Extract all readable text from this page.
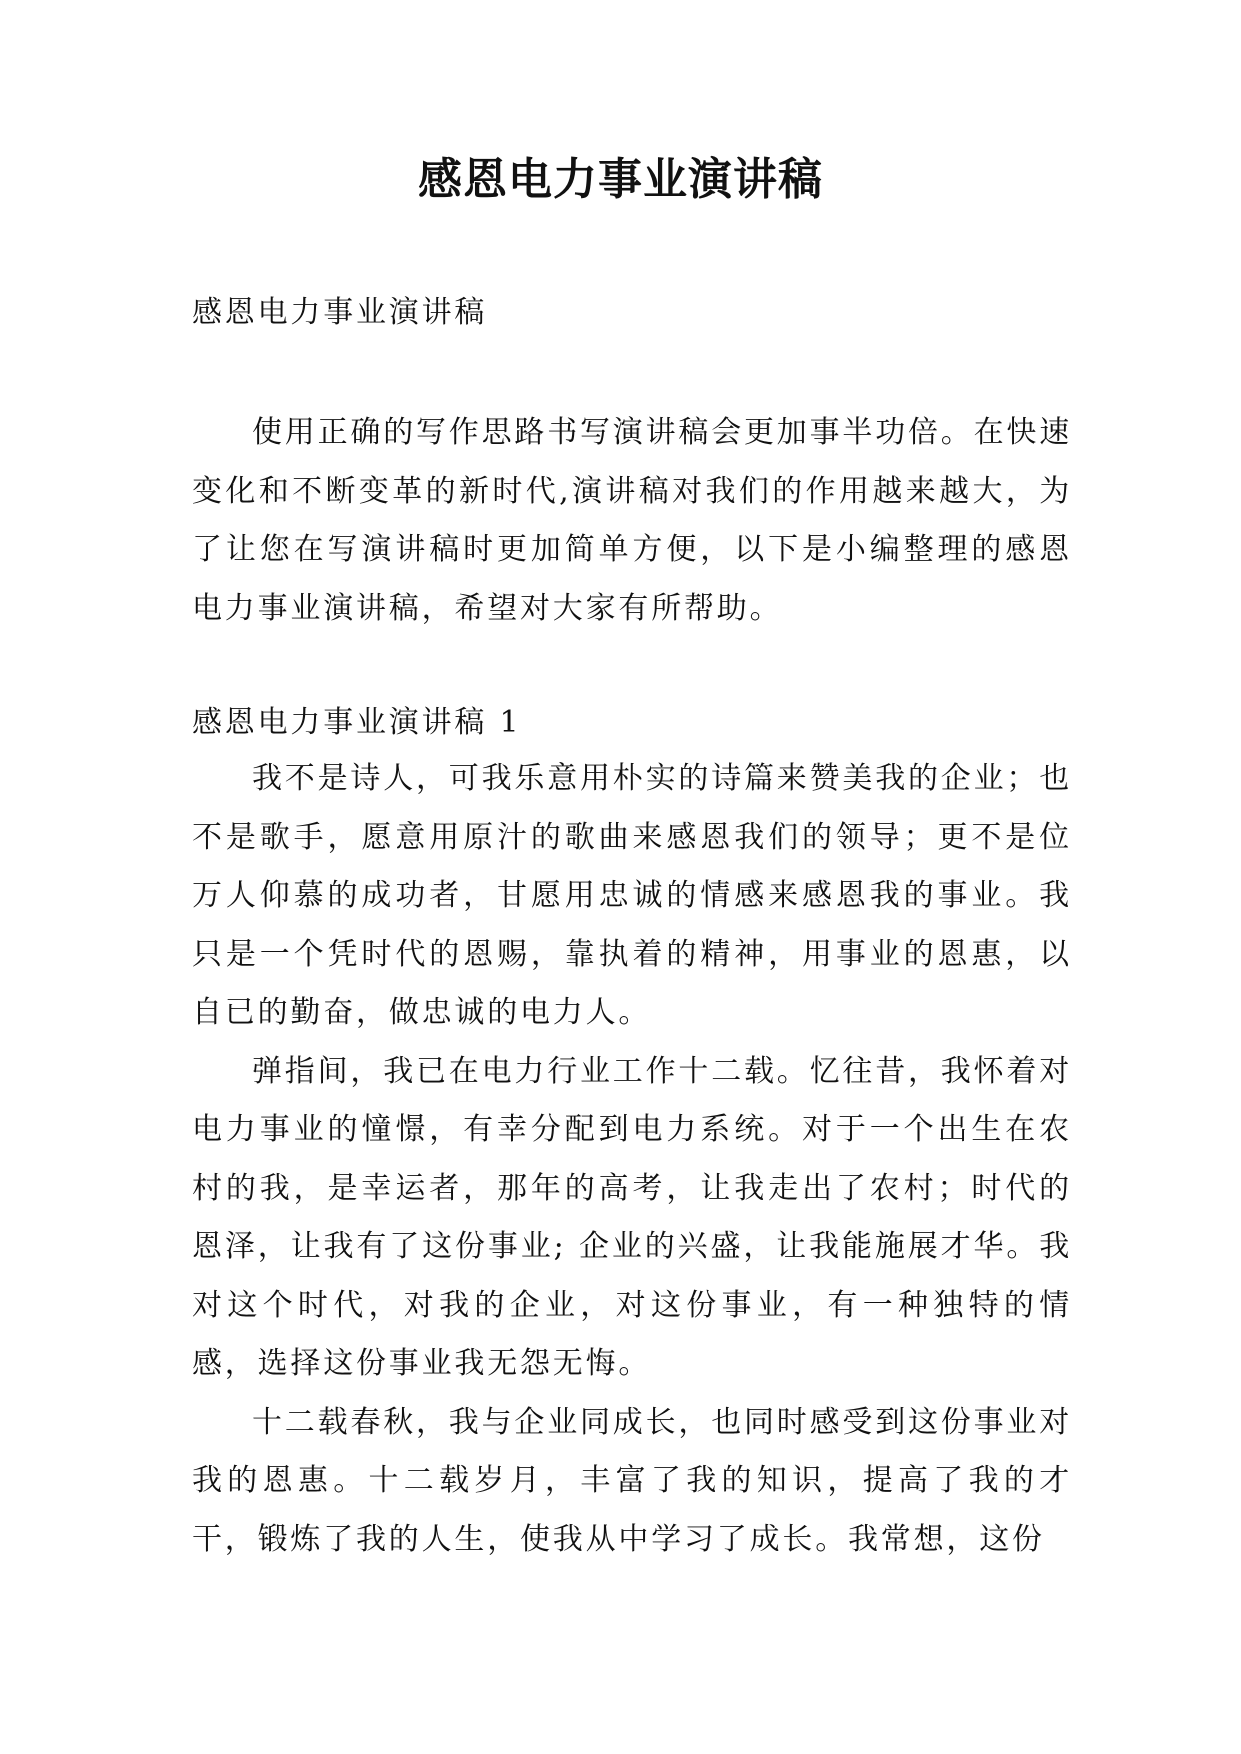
感恩电力事业演讲稿
感恩电力事业演讲稿

使用正确的写作思路书写演讲稿会更加事半功倍。在快速变化和不断变革的新时代,演讲稿对我们的作用越来越大，为了让您在写演讲稿时更加简单方便，以下是小编整理的感恩电力事业演讲稿，希望对大家有所帮助。

感恩电力事业演讲稿 1

我不是诗人，可我乐意用朴实的诗篇来赞美我的企业；也不是歌手，愿意用原汁的歌曲来感恩我们的领导；更不是位万人仰慕的成功者，甘愿用忠诚的情感来感恩我的事业。我只是一个凭时代的恩赐，靠执着的精神，用事业的恩惠，以自已的勤奋，做忠诚的电力人。

弹指间，我已在电力行业工作十二载。忆往昔，我怀着对电力事业的憧憬，有幸分配到电力系统。对于一个出生在农村的我，是幸运者，那年的高考，让我走出了农村；时代的恩泽，让我有了这份事业; 企业的兴盛，让我能施展才华。我对这个时代，对我的企业，对这份事业，有一种独特的情感，选择这份事业我无怨无悔。

十二载春秋，我与企业同成长，也同时感受到这份事业对我的恩惠。十二载岁月，丰富了我的知识，提高了我的才干，锻炼了我的人生，使我从中学习了成长。我常想，这份
